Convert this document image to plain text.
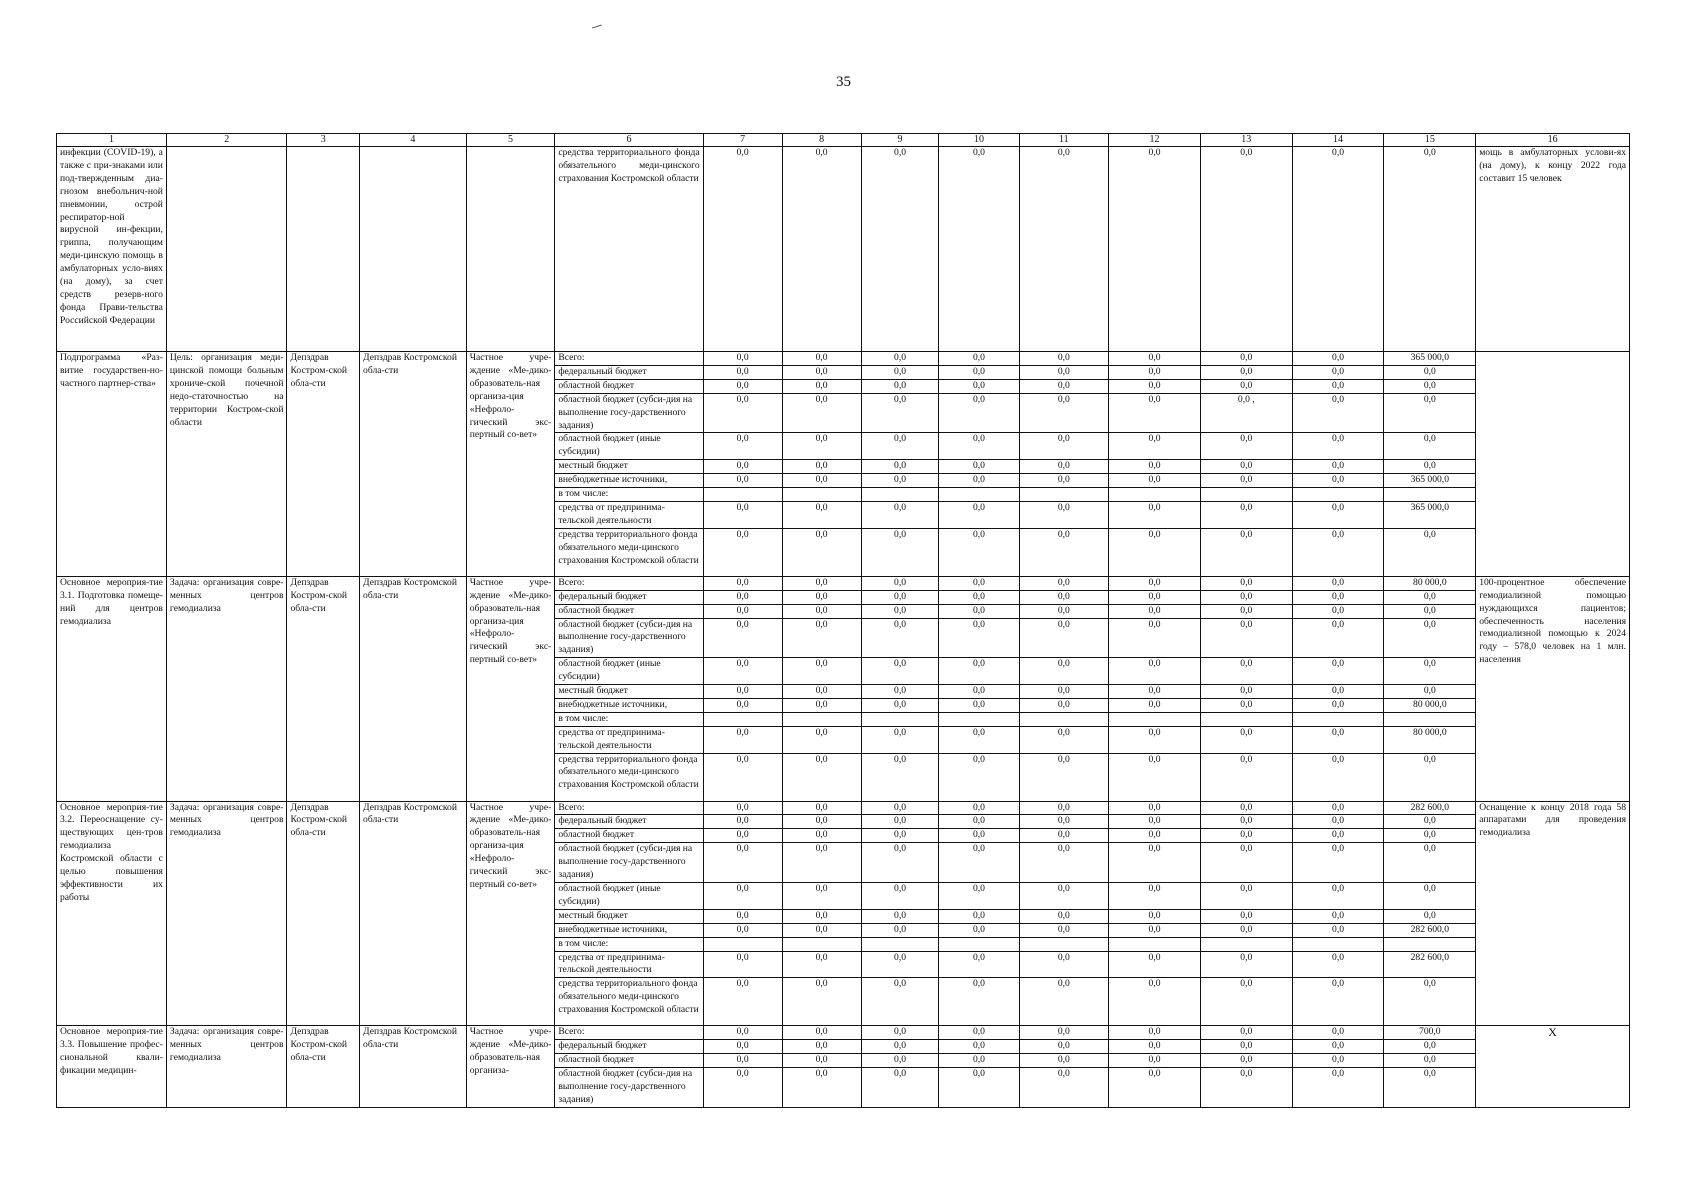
35
1	2	3	4	5	6	7	8	9	10	11	12	13	14	15	16
инфекции (COVID-19), а также с при-знаками или под-твержденным диа-гнозом внебольнич-ной пневмонии, острой респиратор-ной вирусной ин-фекции, гриппа, получающим меди-цинскую помощь в амбулаторных усло-виях (на дому), за счет средств резерв-ного фонда Прави-тельства Российской Федерации					средства территориального фонда обязательного меди-цинского страхования Костромской области	0,0	0,0	0,0	0,0	0,0	0,0	0,0	0,0	0,0	мощь в амбулаторных услови-ях (на дому), к концу 2022 года составит 15 человек
Подпрограмма «Раз-витие государствен-но-частного партнер-ства»	Цель: организация меди-цинской помощи больным хрониче-ской почечной недо-статочностью на территории Костром-ской области	Депздрав Костром-ской обла-сти	Депздрав Костромской обла-сти	Частное учре-ждение «Ме-дико-образователь-ная организа-ция «Нефроло-гический экс-пертный со-вет»	Всего:	0,0	0,0	0,0	0,0	0,0	0,0	0,0	0,0	365 000,0	
					федеральный бюджет	0,0	0,0	0,0	0,0	0,0	0,0	0,0	0,0	0,0	
					областной бюджет	0,0	0,0	0,0	0,0	0,0	0,0	0,0	0,0	0,0	
					областной бюджет (субси-дия на выполнение госу-дарственного задания)	0,0	0,0	0,0	0,0	0,0	0,0	0,0 ,	0,0	0,0	
					областной бюджет (иные субсидии)	0,0	0,0	0,0	0,0	0,0	0,0	0,0	0,0	0,0	
					местный бюджет	0,0	0,0	0,0	0,0	0,0	0,0	0,0	0,0	0,0	
					внебюджетные источники,	0,0	0,0	0,0	0,0	0,0	0,0	0,0	0,0	365 000,0	
					в том числе:										
					средства от предпринима-тельской деятельности	0,0	0,0	0,0	0,0	0,0	0,0	0,0	0,0	365 000,0	
					средства территориального фонда обязательного меди-цинского страхования Костромской области	0,0	0,0	0,0	0,0	0,0	0,0	0,0	0,0	0,0	
Основное мероприя-тие 3.1. Подготовка помеще-ний для центров гемодиализа	Задача: организация совре-менных центров гемодиализа	Депздрав Костром-ской обла-сти	Депздрав Костромской обла-сти	Частное учре-ждение «Ме-дико-образователь-ная организа-ция «Нефроло-гический экс-пертный со-вет»	Всего:	0,0	0,0	0,0	0,0	0,0	0,0	0,0	0,0	80 000,0	100-процентное обеспечение гемодиализной помощью нуждающихся пациентов; обеспеченность населения гемодиализной помощью к 2024 году – 578,0 человек на 1 млн. населения
					федеральный бюджет	0,0	0,0	0,0	0,0	0,0	0,0	0,0	0,0	0,0	
					областной бюджет	0,0	0,0	0,0	0,0	0,0	0,0	0,0	0,0	0,0	
					областной бюджет (субси-дия на выполнение госу-дарственного задания)	0,0	0,0	0,0	0,0	0,0	0,0	0,0	0,0	0,0	
					областной бюджет (иные субсидии)	0,0	0,0	0,0	0,0	0,0	0,0	0,0	0,0	0,0	
					местный бюджет	0,0	0,0	0,0	0,0	0,0	0,0	0,0	0,0	0,0	
					внебюджетные источники,	0,0	0,0	0,0	0,0	0,0	0,0	0,0	0,0	80 000,0	
					в том числе:										
					средства от предпринима-тельской деятельности	0,0	0,0	0,0	0,0	0,0	0,0	0,0	0,0	80 000,0	
					средства территориального фонда обязательного меди-цинского страхования Костромской области	0,0	0,0	0,0	0,0	0,0	0,0	0,0	0,0	0,0	
Основное мероприя-тие 3.2. Переоснащение су-ществующих цен-тров гемодиализа Костромской области с целью повышения эффективности их работы	Задача: организация совре-менных центров гемодиализа	Депздрав Костром-ской обла-сти	Депздрав Костромской обла-сти	Частное учре-ждение «Ме-дико-образователь-ная организа-ция «Нефроло-гический экс-пертный со-вет»	Всего:	0,0	0,0	0,0	0,0	0,0	0,0	0,0	0,0	282 600,0	Оснащение к концу 2018 года 58 аппаратами для проведения гемодиализа
					федеральный бюджет	0,0	0,0	0,0	0,0	0,0	0,0	0,0	0,0	0,0	
					областной бюджет	0,0	0,0	0,0	0,0	0,0	0,0	0,0	0,0	0,0	
					областной бюджет (субси-дия на выполнение госу-дарственного задания)	0,0	0,0	0,0	0,0	0,0	0,0	0,0	0,0	0,0	
					областной бюджет (иные субсидии)	0,0	0,0	0,0	0,0	0,0	0,0	0,0	0,0	0,0	
					местный бюджет	0,0	0,0	0,0	0,0	0,0	0,0	0,0	0,0	0,0	
					внебюджетные источники,	0,0	0,0	0,0	0,0	0,0	0,0	0,0	0,0	282 600,0	
					в том числе:										
					средства от предпринима-тельской деятельности	0,0	0,0	0,0	0,0	0,0	0,0	0,0	0,0	282 600,0	
					средства территориального фонда обязательного меди-цинского страхования Костромской области	0,0	0,0	0,0	0,0	0,0	0,0	0,0	0,0	0,0	
Основное мероприя-тие 3.3. Повышение профес-сиональной квали-фикации медицин-	Задача: организация совре-менных центров гемодиализа	Депздрав Костром-ской обла-сти	Депздрав Костромской обла-сти	Частное учре-ждение «Ме-дико-образователь-ная организа-	Всего:	0,0	0,0	0,0	0,0	0,0	0,0	0,0	0,0	700,0	Х
					федеральный бюджет	0,0	0,0	0,0	0,0	0,0	0,0	0,0	0,0	0,0	
					областной бюджет	0,0	0,0	0,0	0,0	0,0	0,0	0,0	0,0	0,0	
					областной бюджет (субси-дия на выполнение госу-дарственного задания)	0,0	0,0	0,0	0,0	0,0	0,0	0,0	0,0	0,0	
